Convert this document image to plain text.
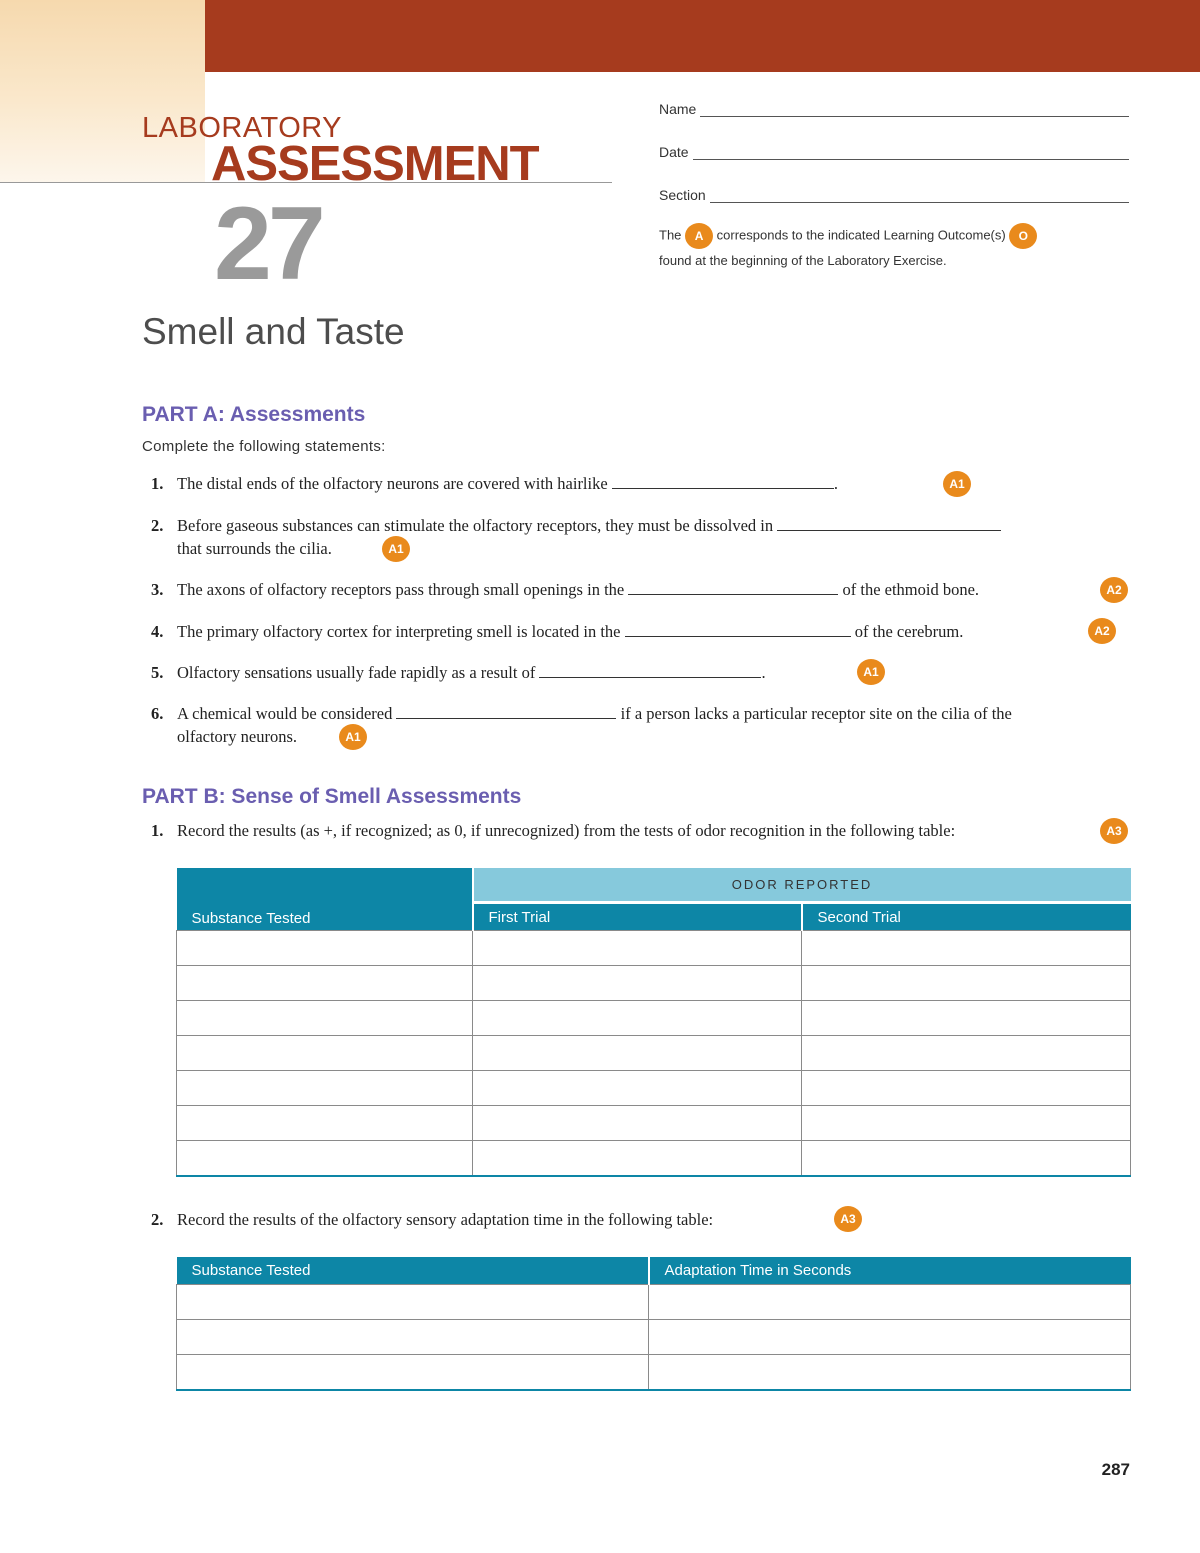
LABORATORY
ASSESSMENT
27
Smell and Taste
Name
Date
Section
The A corresponds to the indicated Learning Outcome(s) O
found at the beginning of the Laboratory Exercise.
PART A: Assessments
Complete the following statements:
1. The distal ends of the olfactory neurons are covered with hairlike	.	A1
2. Before gaseous substances can stimulate the olfactory receptors, they must be dissolved in
that surrounds the cilia.	A1
3. The axons of olfactory receptors pass through small openings in the	of the ethmoid bone.	A2
4. The primary olfactory cortex for interpreting smell is located in the	of the cerebrum.	A2
5. Olfactory sensations usually fade rapidly as a result of	.	A1
6. A chemical would be considered	if a person lacks a particular receptor site on the cilia of the
olfactory neurons.	A1
PART B: Sense of Smell Assessments
1. Record the results (as +, if recognized; as 0, if unrecognized) from the tests of odor recognition in the following table:	A3
Substance Tested	ODOR REPORTED	
	First Trial	Second Trial

2. Record the results of the olfactory sensory adaptation time in the following table:	A3
Substance Tested	Adaptation Time in Seconds

287
